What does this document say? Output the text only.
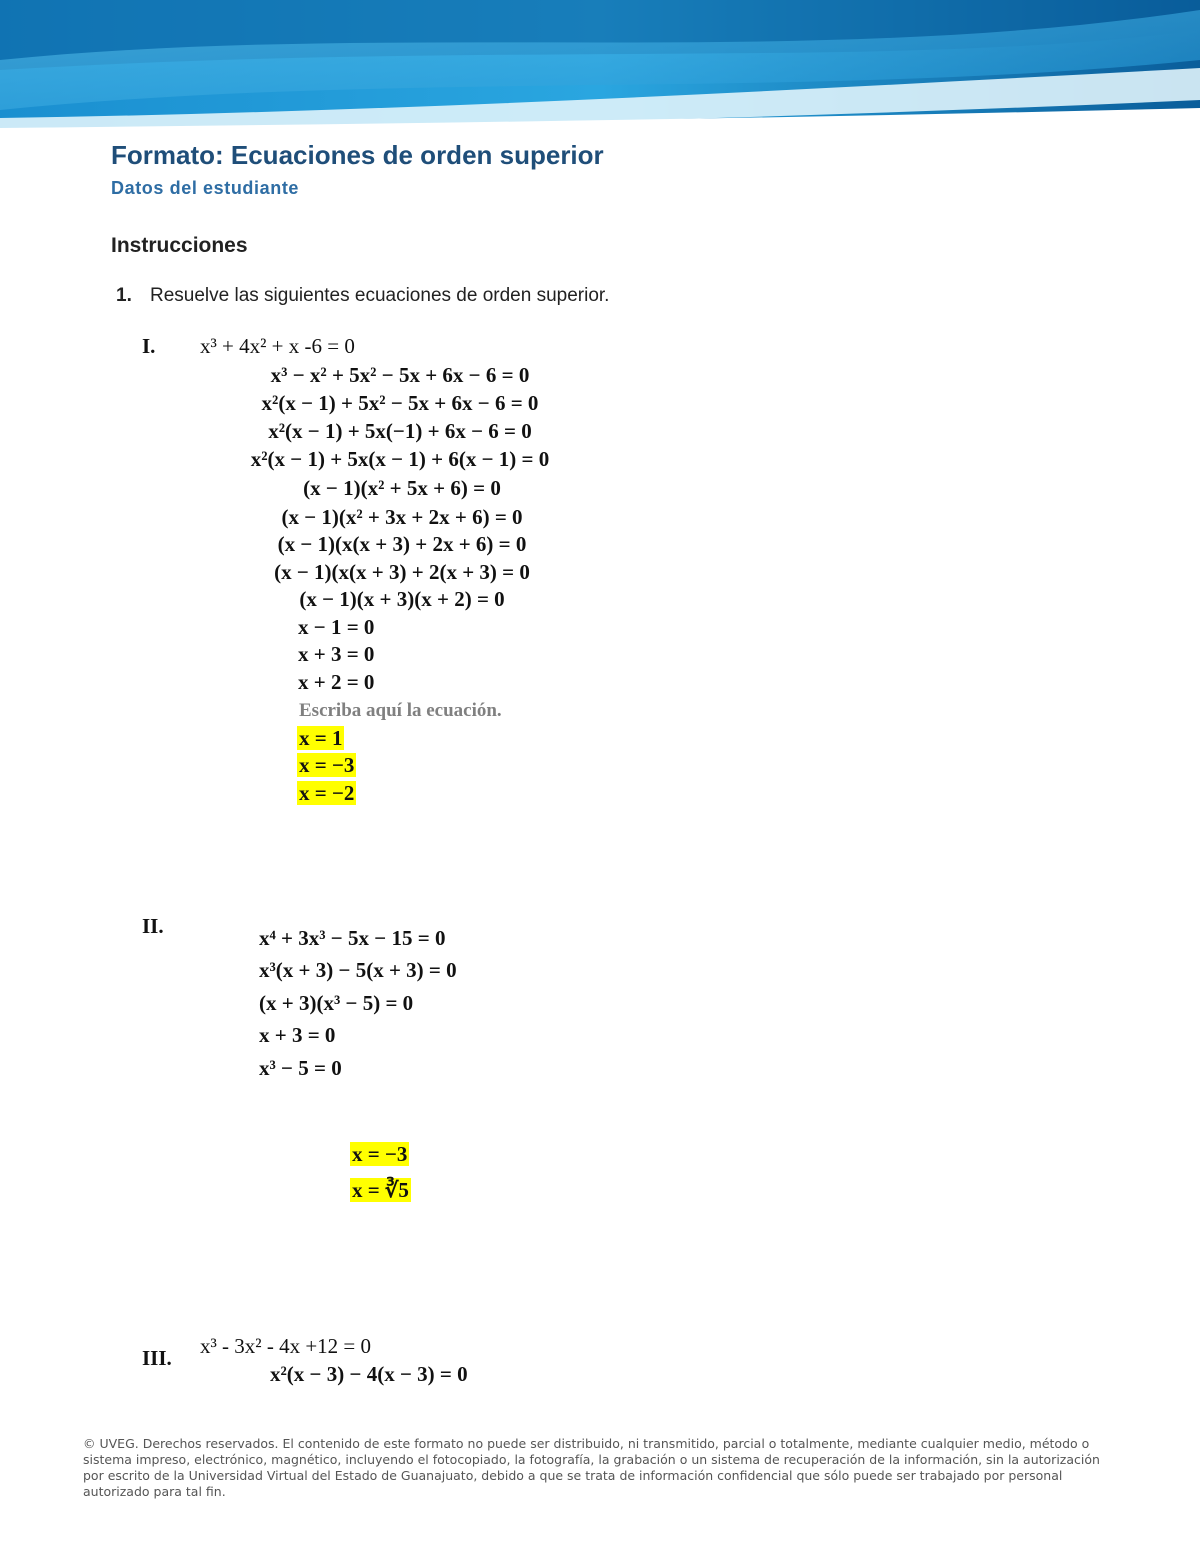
Formato: Ecuaciones de orden superior
Datos del estudiante
Instrucciones
1. Resuelve las siguientes ecuaciones de orden superior.
I. x³ + 4x² + x -6 = 0
x³ − x² + 5x² − 5x + 6x − 6 = 0
x²(x − 1) + 5x² − 5x + 6x − 6 = 0
x²(x − 1) + 5x(−1) + 6x − 6 = 0
x²(x − 1) + 5x(x − 1) + 6(x − 1) = 0
(x − 1)(x² + 5x + 6) = 0
(x − 1)(x² + 3x + 2x + 6) = 0
(x − 1)(x(x + 3) + 2x + 6) = 0
(x − 1)(x(x + 3) + 2(x + 3) = 0
(x − 1)(x + 3)(x + 2) = 0
x − 1 = 0
x + 3 = 0
x + 2 = 0
Escriba aquí la ecuación.
x = 1
x = −3
x = −2
II.	x⁴ + 3x³ − 5x − 15 = 0
x³(x + 3) − 5(x + 3) = 0
(x + 3)(x³ − 5) = 0
x + 3 = 0
x³ − 5 = 0
x = −3
x = ∛5
III. x³ - 3x² - 4x +12 = 0
x²(x − 3) − 4(x − 3) = 0
© UVEG. Derechos reservados. El contenido de este formato no puede ser distribuido, ni transmitido, parcial o totalmente, mediante cualquier medio, método o sistema impreso, electrónico, magnético, incluyendo el fotocopiado, la fotografía, la grabación o un sistema de recuperación de la información, sin la autorización por escrito de la Universidad Virtual del Estado de Guanajuato, debido a que se trata de información confidencial que sólo puede ser trabajado por personal autorizado para tal fin.
